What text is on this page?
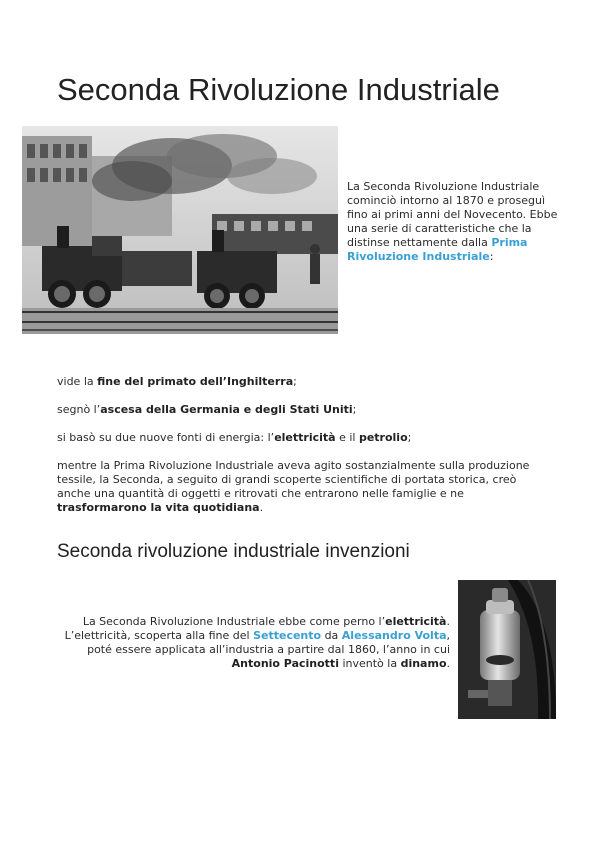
Seconda Rivoluzione Industriale
La Seconda Rivoluzione Industriale cominciò intorno al 1870 e proseguì fino ai primi anni del Novecento. Ebbe una serie di caratteristiche che la distinse nettamente dalla Prima Rivoluzione Industriale:

vide la fine del primato dell’Inghilterra;

segnò l’ascesa della Germania e degli Stati Uniti;

si basò su due nuove fonti di energia: l’elettricità e il petrolio;

mentre la Prima Rivoluzione Industriale aveva agito sostanzialmente sulla produzione tessile, la Seconda, a seguito di grandi scoperte scientifiche di portata storica, creò anche una quantità di oggetti e ritrovati che entrarono nelle famiglie e ne trasformarono la vita quotidiana.

Seconda rivoluzione industriale invenzioni

La Seconda Rivoluzione Industriale ebbe come perno l’elettricità. L’elettricità, scoperta alla fine del Settecento da Alessandro Volta, poté essere applicata all’industria a partire dal 1860, l’anno in cui Antonio Pacinotti inventò la dinamo.
